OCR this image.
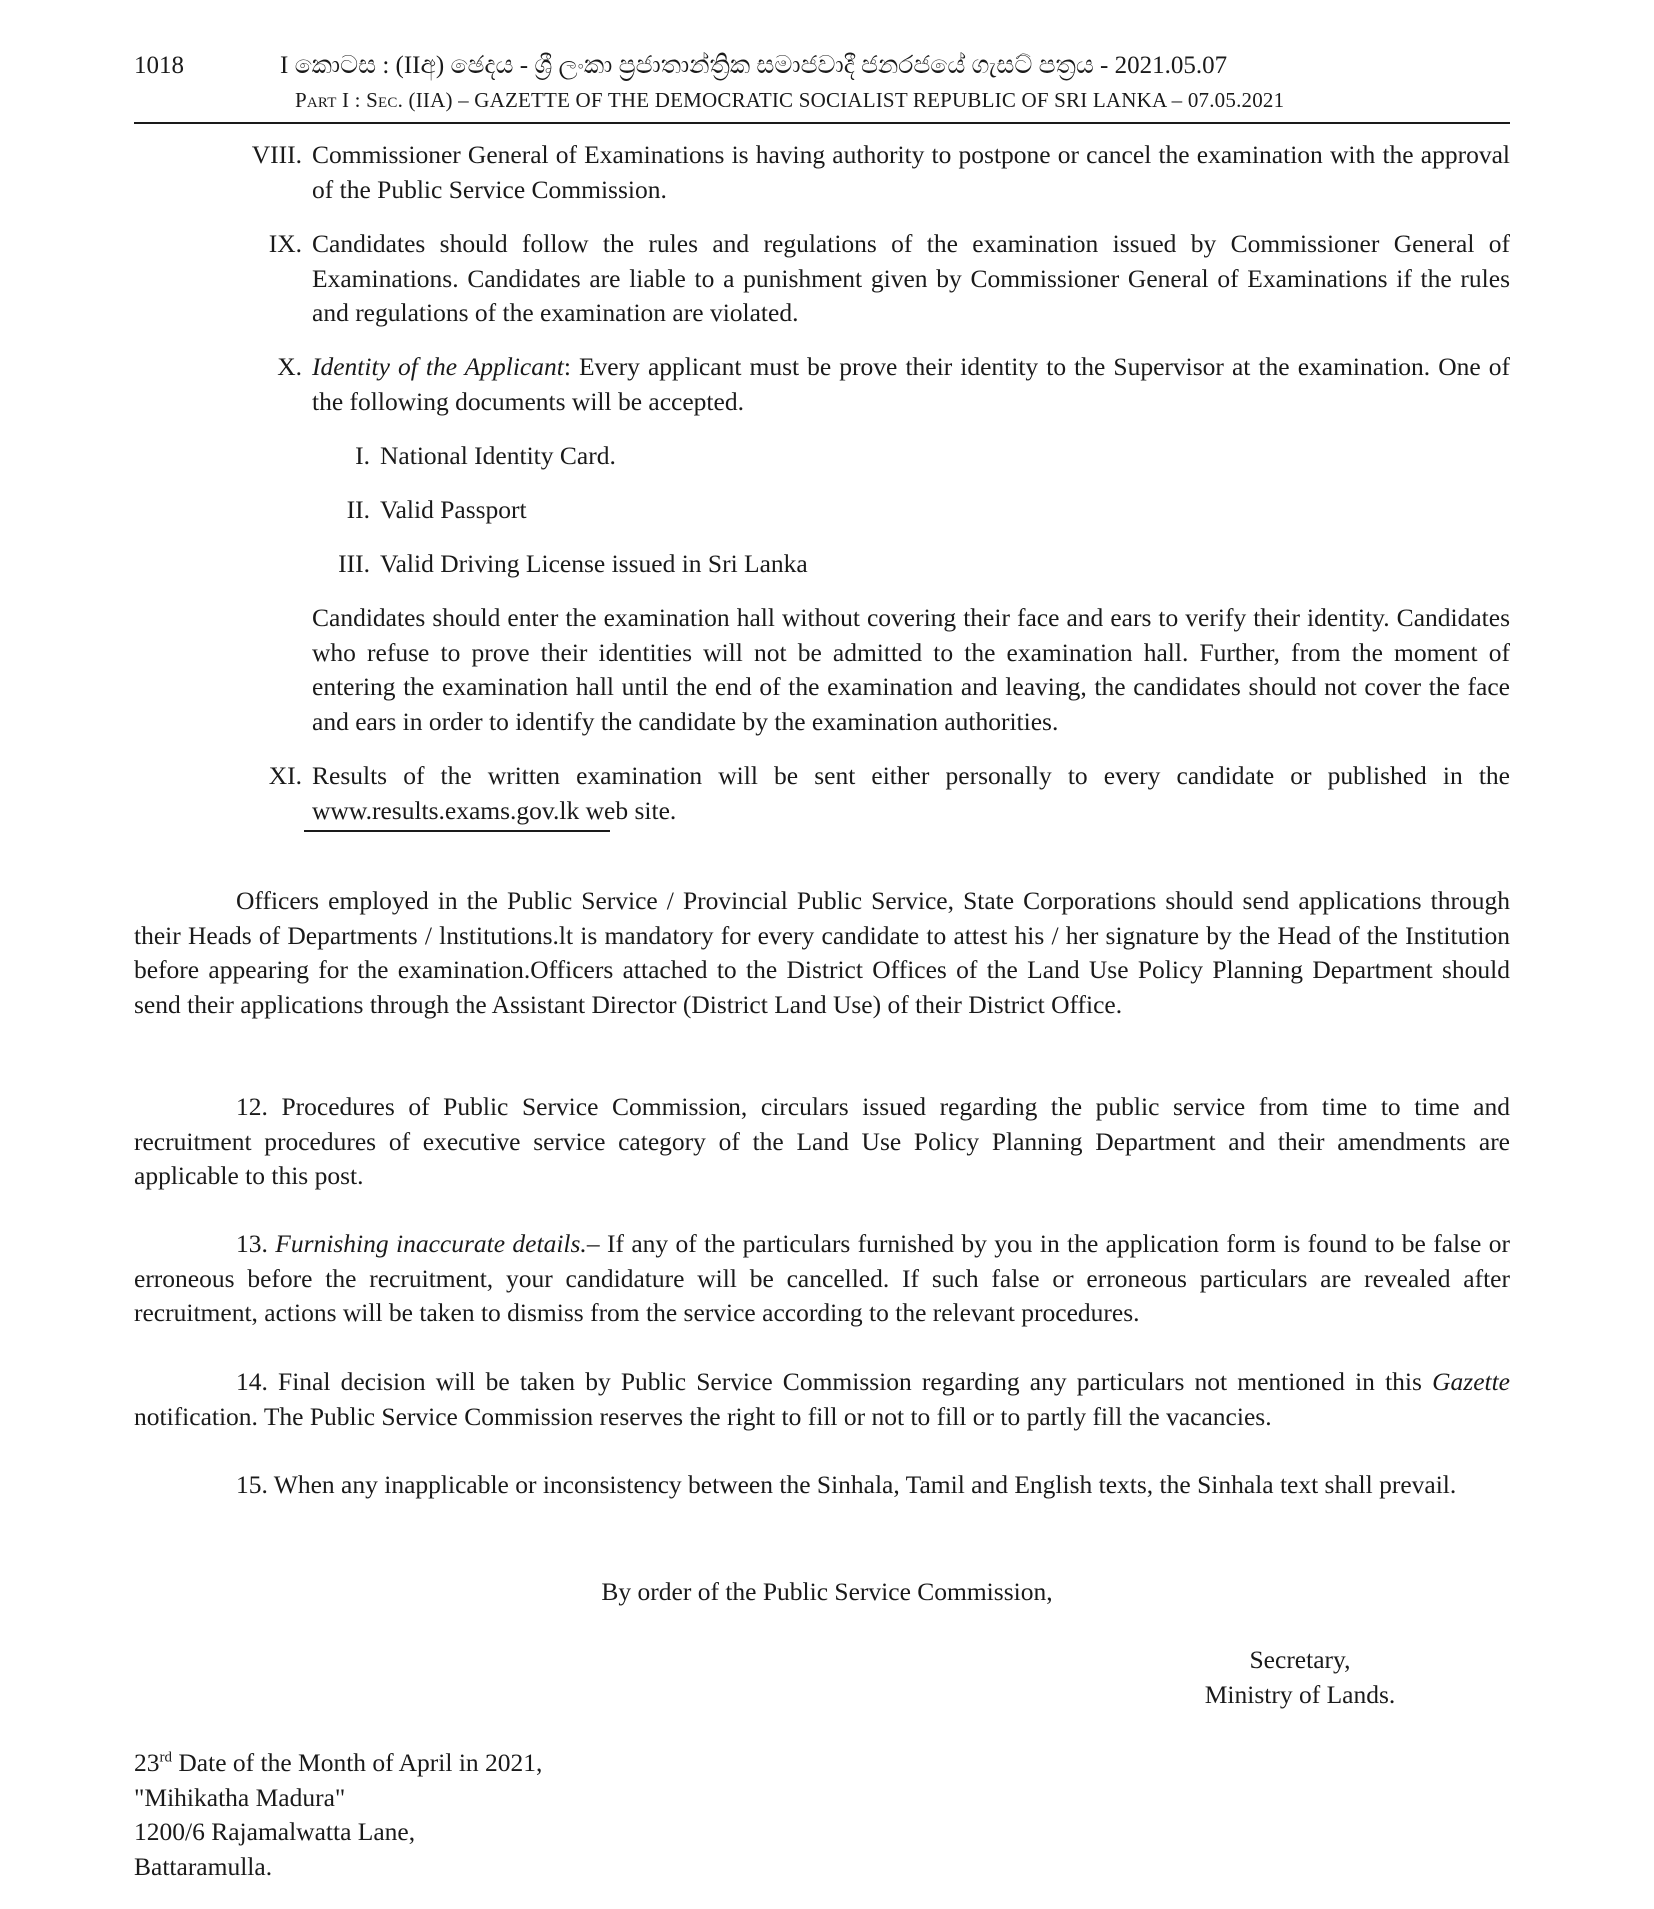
1018	I කොටස : (IIඅ) ඡෙදය - ශ්‍රී ලංකා ප්‍රජාතාන්ත්‍රික සමාජවාදී ජනරජයේ ගැසට් පත්‍රය - 2021.05.07
Part I : Sec. (IIA) – GAZETTE OF THE DEMOCRATIC SOCIALIST REPUBLIC OF SRI LANKA – 07.05.2021
VIII. Commissioner General of Examinations is having authority to postpone or cancel the examination with the approval of the Public Service Commission.
IX. Candidates should follow the rules and regulations of the examination issued by Commissioner General of Examinations. Candidates are liable to a punishment given by Commissioner General of Examinations if the rules and regulations of the examination are violated.
X. Identity of the Applicant: Every applicant must be prove their identity to the Supervisor at the examination. One of the following documents will be accepted.
I. National Identity Card.
II. Valid Passport
III. Valid Driving License issued in Sri Lanka
Candidates should enter the examination hall without covering their face and ears to verify their identity. Candidates who refuse to prove their identities will not be admitted to the examination hall. Further, from the moment of entering the examination hall until the end of the examination and leaving, the candidates should not cover the face and ears in order to identify the candidate by the examination authorities.
XI. Results of the written examination will be sent either personally to every candidate or published in the www.results.exams.gov.lk web site.
Officers employed in the Public Service / Provincial Public Service, State Corporations should send applications through their Heads of Departments / lnstitutions.lt is mandatory for every candidate to attest his / her signature by the Head of the Institution before appearing for the examination.Officers attached to the District Offices of the Land Use Policy Planning Department should send their applications through the Assistant Director (District Land Use) of their District Office.
12. Procedures of Public Service Commission, circulars issued regarding the public service from time to time and recruitment procedures of executive service category of the Land Use Policy Planning Department and their amendments are applicable to this post.
13. Furnishing inaccurate details.– If any of the particulars furnished by you in the application form is found to be false or erroneous before the recruitment, your candidature will be cancelled. If such false or erroneous particulars are revealed after recruitment, actions will be taken to dismiss from the service according to the relevant procedures.
14. Final decision will be taken by Public Service Commission regarding any particulars not mentioned in this Gazette notification. The Public Service Commission reserves the right to fill or not to fill or to partly fill the vacancies.
15. When any inapplicable or inconsistency between the Sinhala, Tamil and English texts, the Sinhala text shall prevail.
By order of the Public Service Commission,
Secretary,
Ministry of Lands.
23rd Date of the Month of April in 2021,
"Mihikatha Madura"
1200/6 Rajamalwatta Lane,
Battaramulla.
